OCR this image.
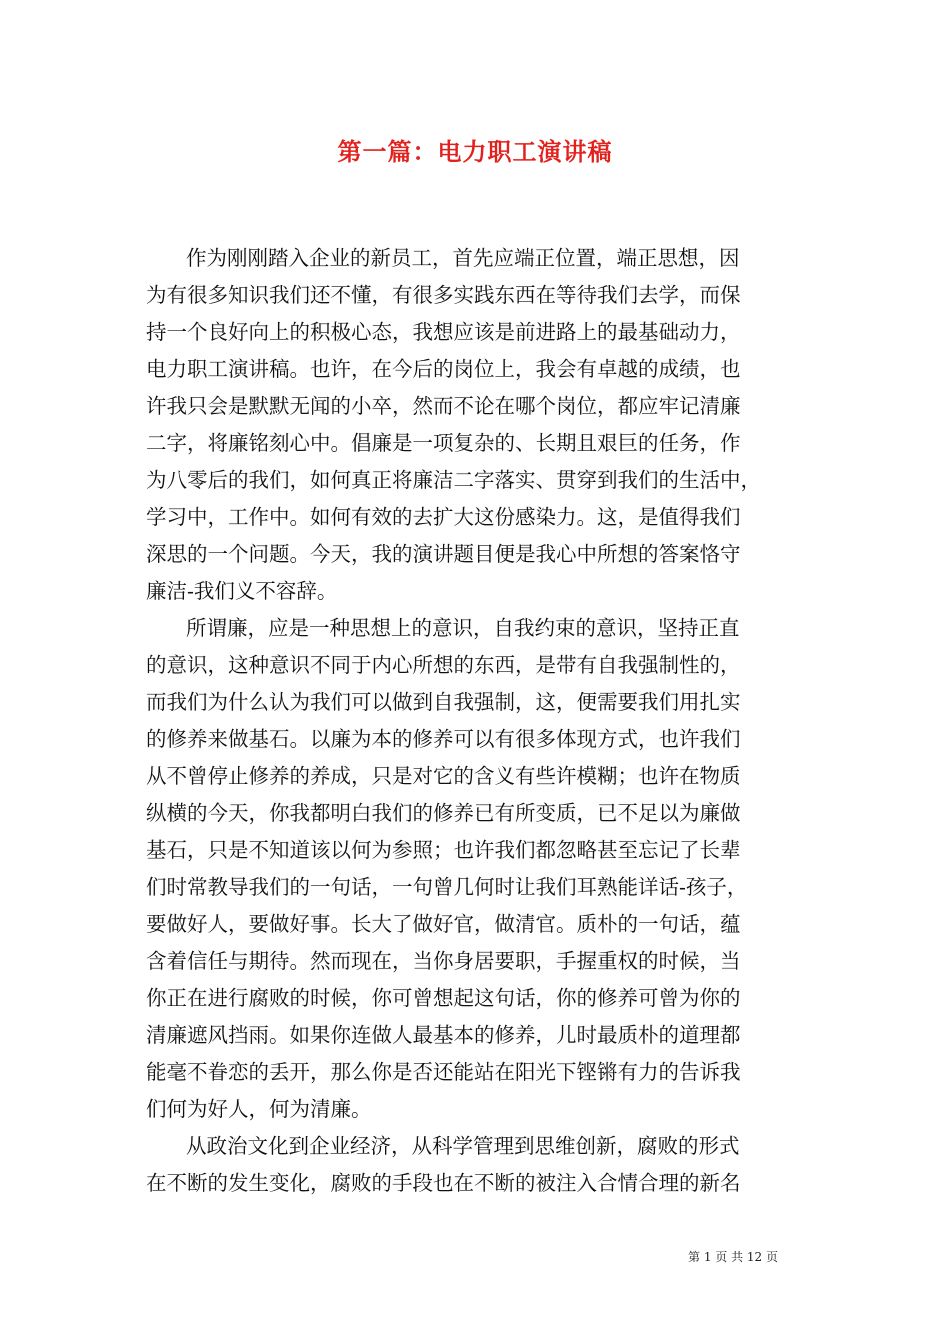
第一篇：电力职工演讲稿
作为刚刚踏入企业的新员工，首先应端正位置，端正思想，因
为有很多知识我们还不懂，有很多实践东西在等待我们去学，而保
持一个良好向上的积极心态，我想应该是前进路上的最基础动力，
电力职工演讲稿。也许，在今后的岗位上，我会有卓越的成绩，也
许我只会是默默无闻的小卒，然而不论在哪个岗位，都应牢记清廉
二字，将廉铭刻心中。倡廉是一项复杂的、长期且艰巨的任务，作
为八零后的我们，如何真正将廉洁二字落实、贯穿到我们的生活中，
学习中，工作中。如何有效的去扩大这份感染力。这，是值得我们
深思的一个问题。今天，我的演讲题目便是我心中所想的答案恪守
廉洁-我们义不容辞。
所谓廉，应是一种思想上的意识，自我约束的意识，坚持正直
的意识，这种意识不同于内心所想的东西，是带有自我强制性的，
而我们为什么认为我们可以做到自我强制，这，便需要我们用扎实
的修养来做基石。以廉为本的修养可以有很多体现方式，也许我们
从不曾停止修养的养成，只是对它的含义有些许模糊；也许在物质
纵横的今天，你我都明白我们的修养已有所变质，已不足以为廉做
基石，只是不知道该以何为参照；也许我们都忽略甚至忘记了长辈
们时常教导我们的一句话，一句曾几何时让我们耳熟能详话-孩子，
要做好人，要做好事。长大了做好官，做清官。质朴的一句话，蕴
含着信任与期待。然而现在，当你身居要职，手握重权的时候，当
你正在进行腐败的时候，你可曾想起这句话，你的修养可曾为你的
清廉遮风挡雨。如果你连做人最基本的修养，儿时最质朴的道理都
能毫不眷恋的丢开，那么你是否还能站在阳光下铿锵有力的告诉我
们何为好人，何为清廉。
从政治文化到企业经济，从科学管理到思维创新，腐败的形式
在不断的发生变化，腐败的手段也在不断的被注入合情合理的新名
第 1 页 共 12 页
